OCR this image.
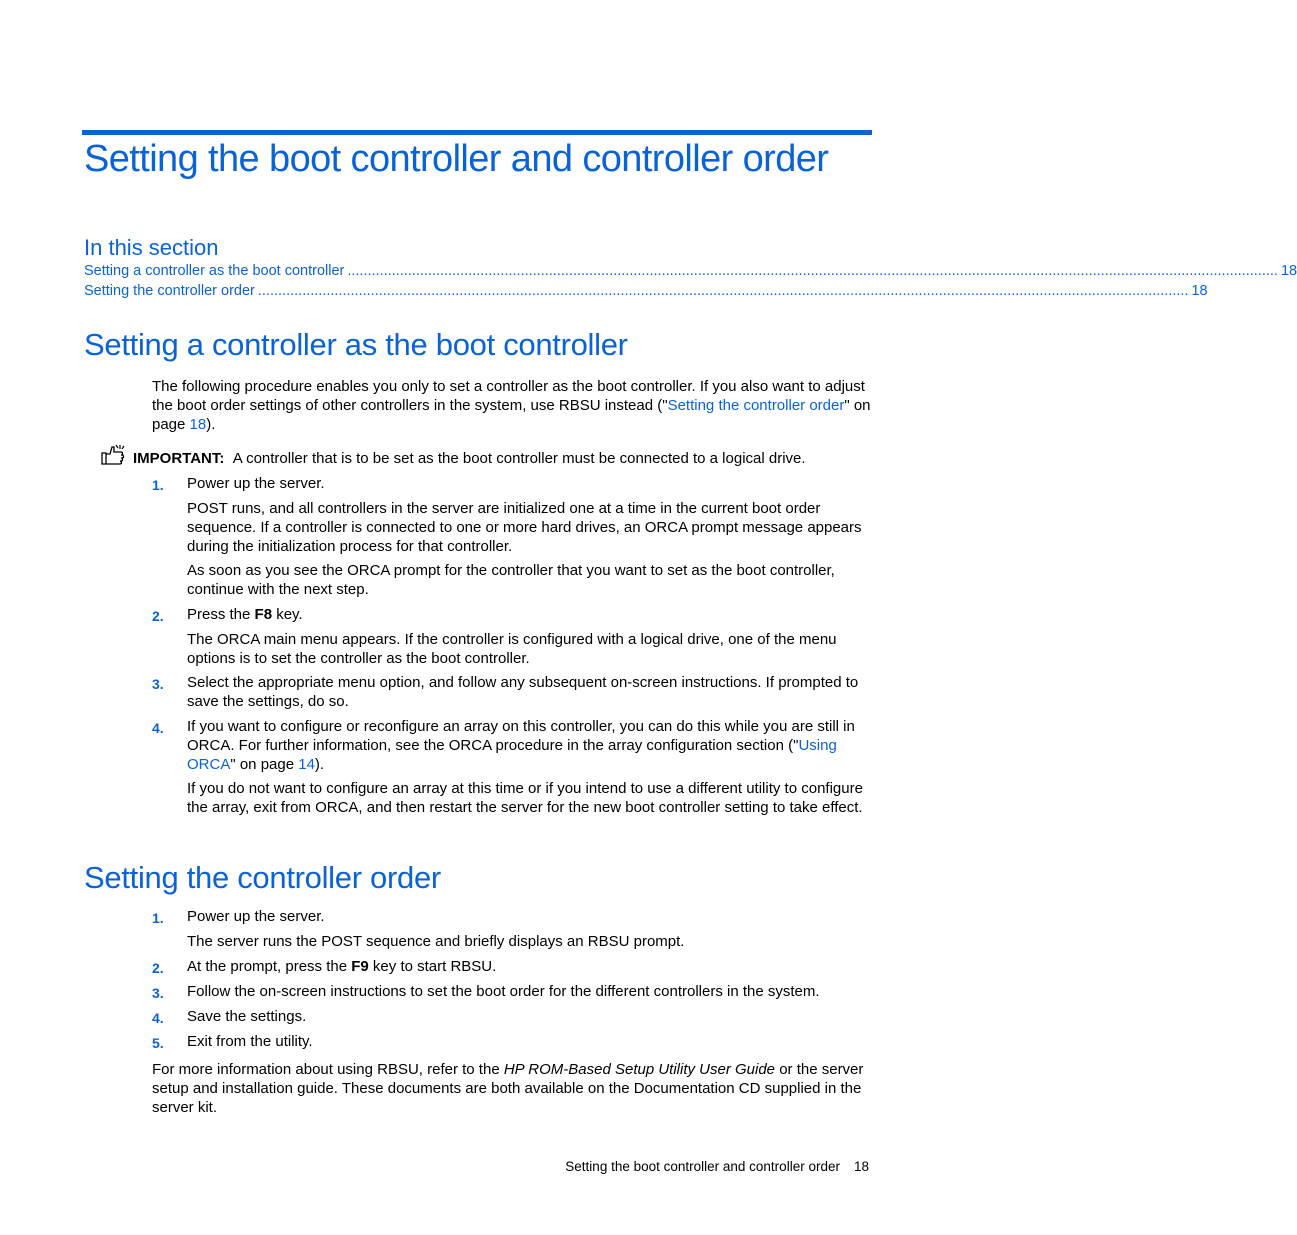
Setting the boot controller and controller order
In this section
Setting a controller as the boot controller ....................................................................................................................................................................................................................................... 18
Setting the controller order ....................................................................................................................................................................................................................................... 18
Setting a controller as the boot controller

The following procedure enables you only to set a controller as the boot controller. If you also want to adjust the boot order settings of other controllers in the system, use RBSU instead ("Setting the controller order" on page 18).

IMPORTANT: A controller that is to be set as the boot controller must be connected to a logical drive.
1. Power up the server.

POST runs, and all controllers in the server are initialized one at a time in the current boot order sequence. If a controller is connected to one or more hard drives, an ORCA prompt message appears during the initialization process for that controller.

As soon as you see the ORCA prompt for the controller that you want to set as the boot controller, continue with the next step.

2. Press the F8 key.

The ORCA main menu appears. If the controller is configured with a logical drive, one of the menu options is to set the controller as the boot controller.

3. Select the appropriate menu option, and follow any subsequent on-screen instructions. If prompted to save the settings, do so.

4. If you want to configure or reconfigure an array on this controller, you can do this while you are still in ORCA. For further information, see the ORCA procedure in the array configuration section ("Using ORCA" on page 14).

If you do not want to configure an array at this time or if you intend to use a different utility to configure the array, exit from ORCA, and then restart the server for the new boot controller setting to take effect.

Setting the controller order
1. Power up the server.

The server runs the POST sequence and briefly displays an RBSU prompt.

2. At the prompt, press the F9 key to start RBSU.

3. Follow the on-screen instructions to set the boot order for the different controllers in the system.

4. Save the settings.

5. Exit from the utility.

For more information about using RBSU, refer to the HP ROM-Based Setup Utility User Guide or the server setup and installation guide. These documents are both available on the Documentation CD supplied in the server kit.

Setting the boot controller and controller order 18
